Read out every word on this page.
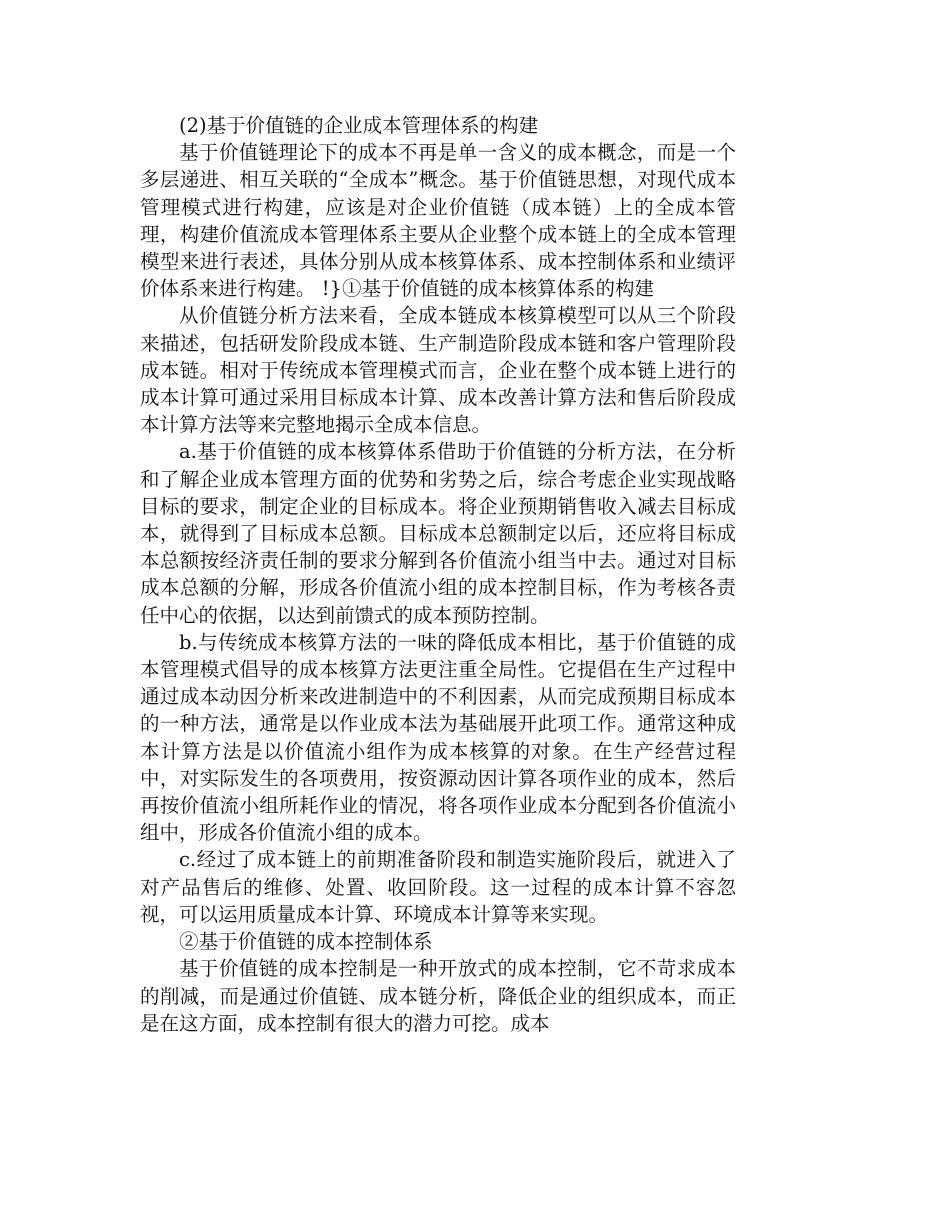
(2)基于价值链的企业成本管理体系的构建

基于价值链理论下的成本不再是单一含义的成本概念，而是一个多层递进、相互关联的“全成本”概念。基于价值链思想，对现代成本管理模式进行构建，应该是对企业价值链（成本链）上的全成本管理，构建价值流成本管理体系主要从企业整个成本链上的全成本管理模型来进行表述，具体分别从成本核算体系、成本控制体系和业绩评价体系来进行构建。 !}①基于价值链的成本核算体系的构建

从价值链分析方法来看，全成本链成本核算模型可以从三个阶段来描述，包括研发阶段成本链、生产制造阶段成本链和客户管理阶段成本链。相对于传统成本管理模式而言，企业在整个成本链上进行的成本计算可通过采用目标成本计算、成本改善计算方法和售后阶段成本计算方法等来完整地揭示全成本信息。

a.基于价值链的成本核算体系借助于价值链的分析方法，在分析和了解企业成本管理方面的优势和劣势之后，综合考虑企业实现战略目标的要求，制定企业的目标成本。将企业预期销售收入减去目标成本，就得到了目标成本总额。目标成本总额制定以后，还应将目标成本总额按经济责任制的要求分解到各价值流小组当中去。通过对目标成本总额的分解，形成各价值流小组的成本控制目标，作为考核各责任中心的依据，以达到前馈式的成本预防控制。

b.与传统成本核算方法的一味的降低成本相比，基于价值链的成本管理模式倡导的成本核算方法更注重全局性。它提倡在生产过程中通过成本动因分析来改进制造中的不利因素，从而完成预期目标成本的一种方法，通常是以作业成本法为基础展开此项工作。通常这种成本计算方法是以价值流小组作为成本核算的对象。在生产经营过程中，对实际发生的各项费用，按资源动因计算各项作业的成本，然后再按价值流小组所耗作业的情况，将各项作业成本分配到各价值流小组中，形成各价值流小组的成本。

c.经过了成本链上的前期准备阶段和制造实施阶段后，就进入了对产品售后的维修、处置、收回阶段。这一过程的成本计算不容忽视，可以运用质量成本计算、环境成本计算等来实现。

②基于价值链的成本控制体系

基于价值链的成本控制是一种开放式的成本控制，它不苛求成本的削减，而是通过价值链、成本链分析，降低企业的组织成本，而正是在这方面，成本控制有很大的潜力可挖。成本
